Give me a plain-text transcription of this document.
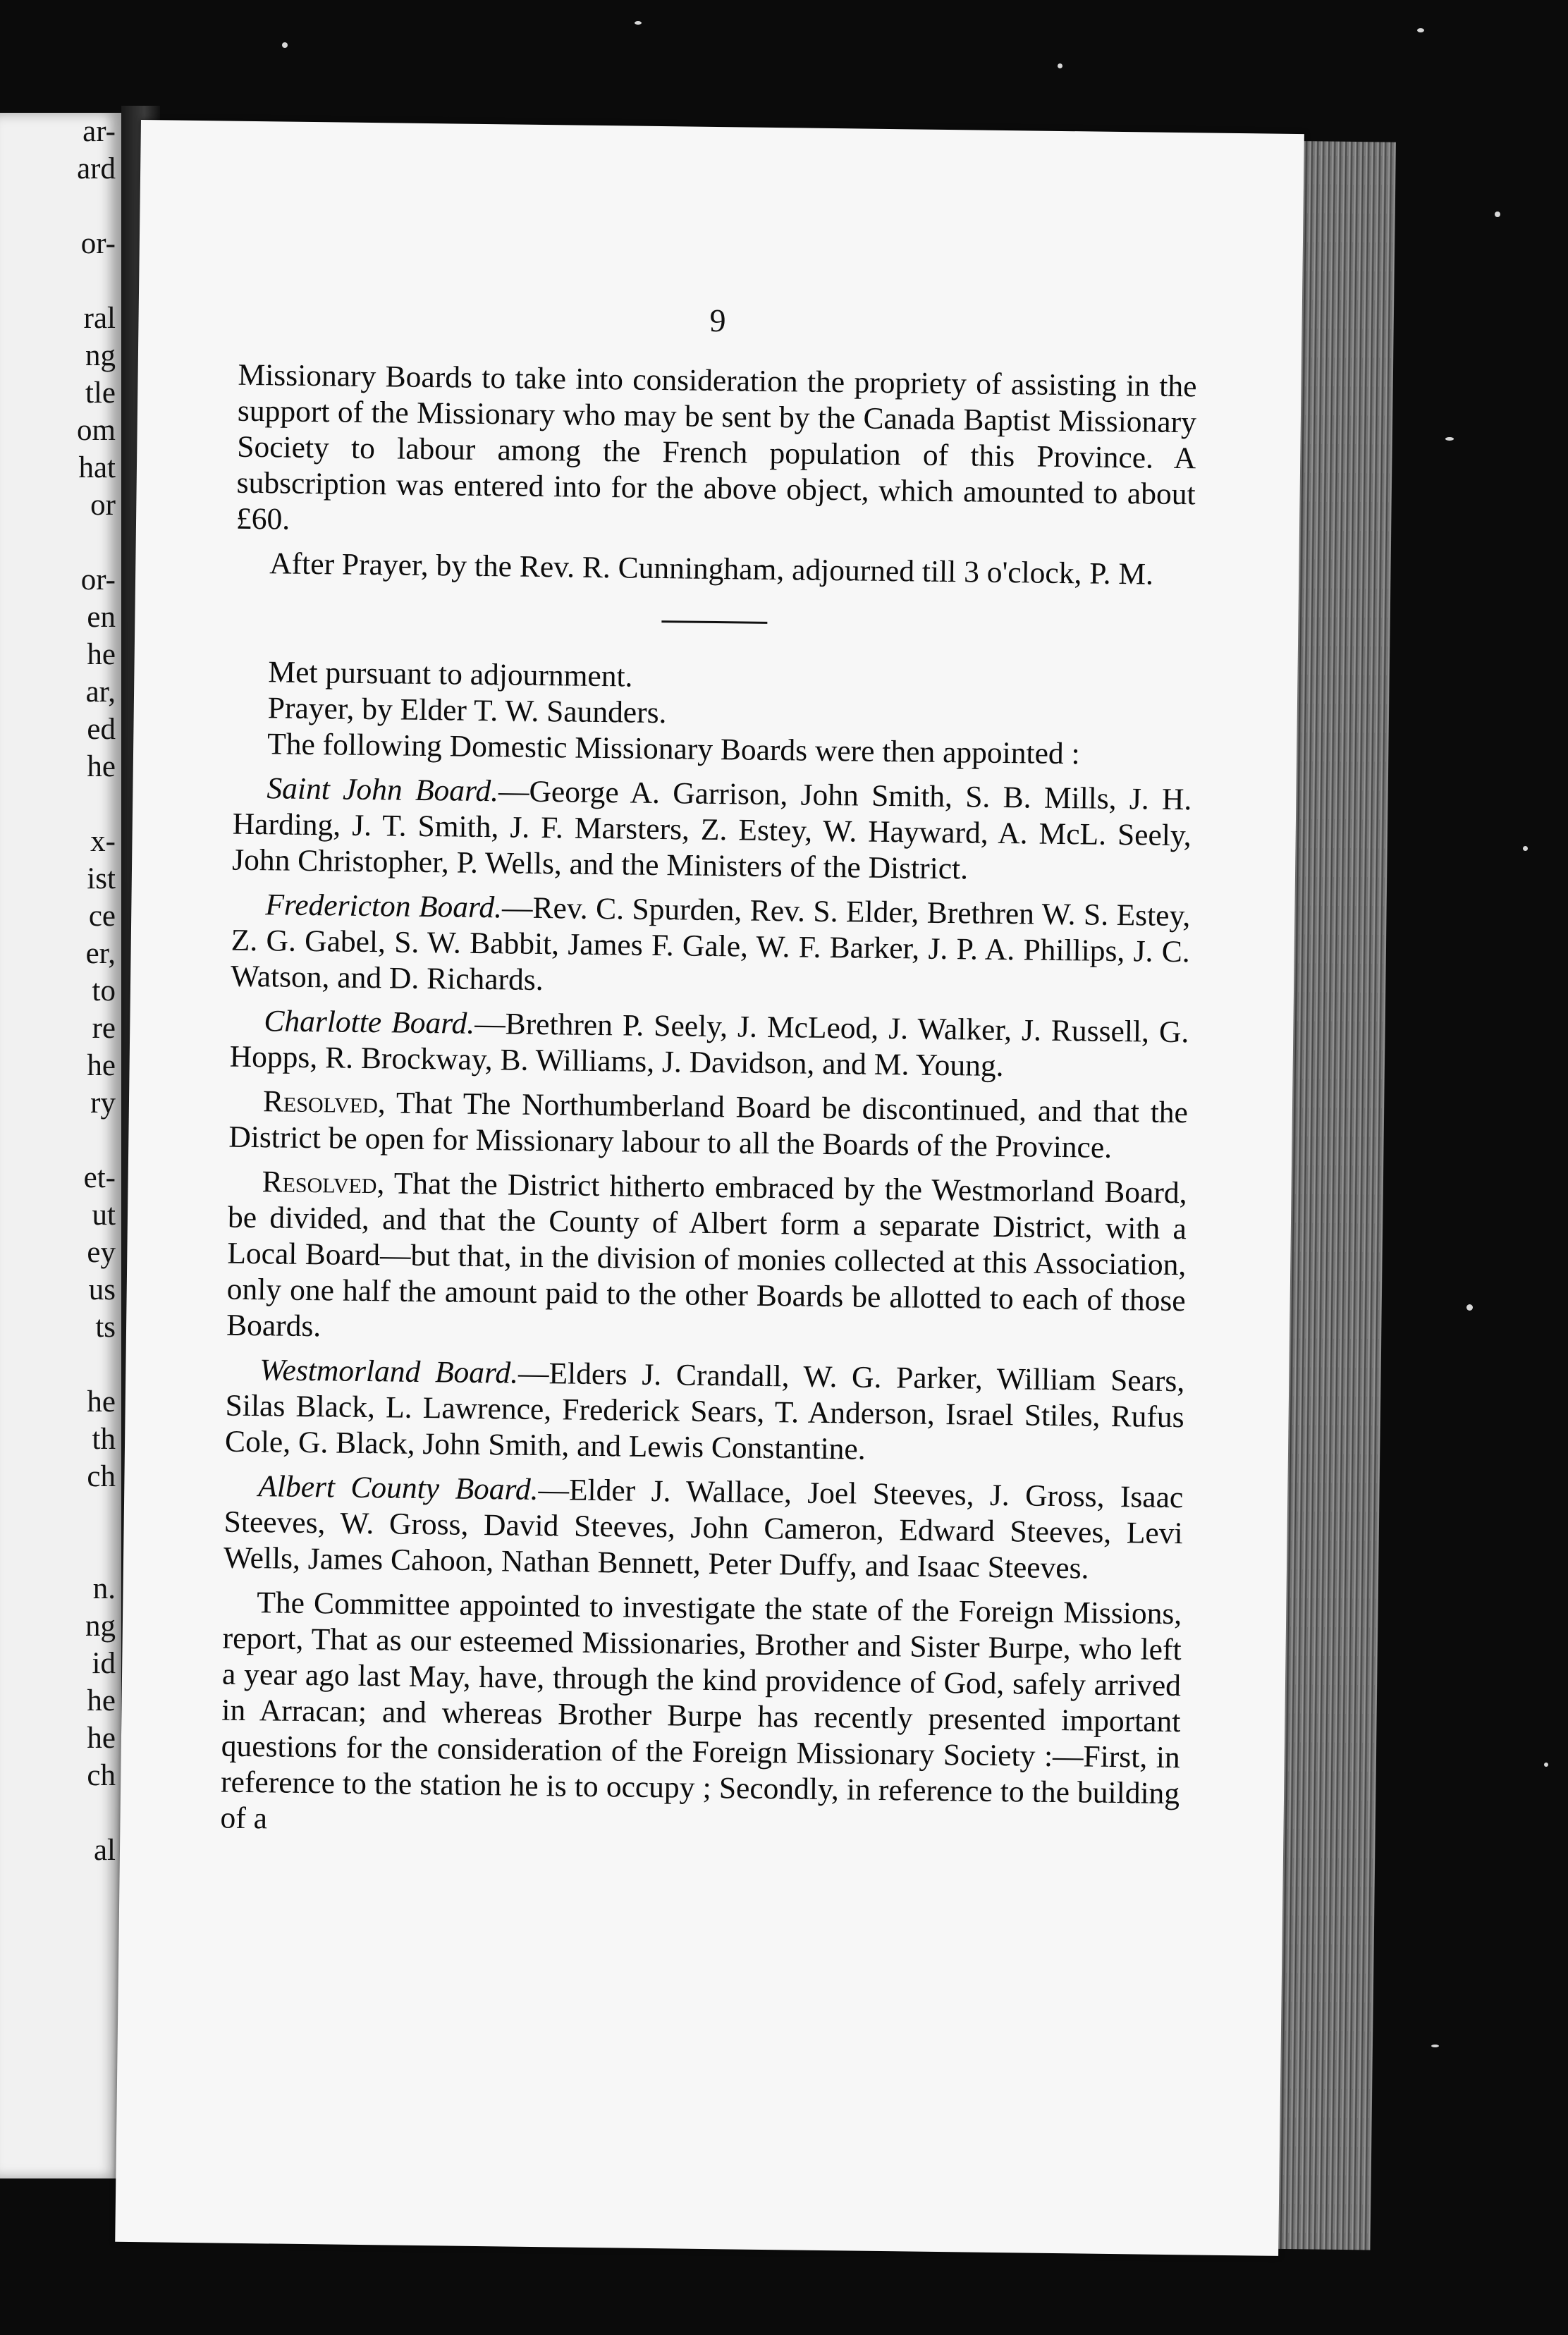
ar-
ard
or-
ral
ng
tle
om
hat
or
or-
en
he
ar,
ed
he
x-
ist
ce
er,
to
re
he
ry
et-
ut
ey
us
ts
he
th
ch
n.
ng
id
he
he
ch
al
9

Missionary Boards to take into consideration the propriety of assisting in the support of the Missionary who may be sent by the Canada Baptist Missionary Society to labour among the French population of this Province. A subscription was entered into for the above object, which amounted to about £60.

After Prayer, by the Rev. R. Cunningham, adjourned till 3 o'clock, P. M.

Met pursuant to adjournment.

Prayer, by Elder T. W. Saunders.

The following Domestic Missionary Boards were then appointed :

Saint John Board.—George A. Garrison, John Smith, S. B. Mills, J. H. Harding, J. T. Smith, J. F. Marsters, Z. Estey, W. Hayward, A. McL. Seely, John Christopher, P. Wells, and the Ministers of the District.

Fredericton Board.—Rev. C. Spurden, Rev. S. Elder, Brethren W. S. Estey, Z. G. Gabel, S. W. Babbit, James F. Gale, W. F. Barker, J. P. A. Phillips, J. C. Watson, and D. Richards.

Charlotte Board.—Brethren P. Seely, J. McLeod, J. Walker, J. Russell, G. Hopps, R. Brockway, B. Williams, J. Davidson, and M. Young.

Resolved, That The Northumberland Board be discontinued, and that the District be open for Missionary labour to all the Boards of the Province.

Resolved, That the District hitherto embraced by the Westmorland Board, be divided, and that the County of Albert form a separate District, with a Local Board—but that, in the division of monies collected at this Association, only one half the amount paid to the other Boards be allotted to each of those Boards.

Westmorland Board.—Elders J. Crandall, W. G. Parker, William Sears, Silas Black, L. Lawrence, Frederick Sears, T. Anderson, Israel Stiles, Rufus Cole, G. Black, John Smith, and Lewis Constantine.

Albert County Board.—Elder J. Wallace, Joel Steeves, J. Gross, Isaac Steeves, W. Gross, David Steeves, John Cameron, Edward Steeves, Levi Wells, James Cahoon, Nathan Bennett, Peter Duffy, and Isaac Steeves.

The Committee appointed to investigate the state of the Foreign Missions, report, That as our esteemed Missionaries, Brother and Sister Burpe, who left a year ago last May, have, through the kind providence of God, safely arrived in Arracan; and whereas Brother Burpe has recently presented important questions for the consideration of the Foreign Missionary Society :—First, in reference to the station he is to occupy ; Secondly, in reference to the building of a
